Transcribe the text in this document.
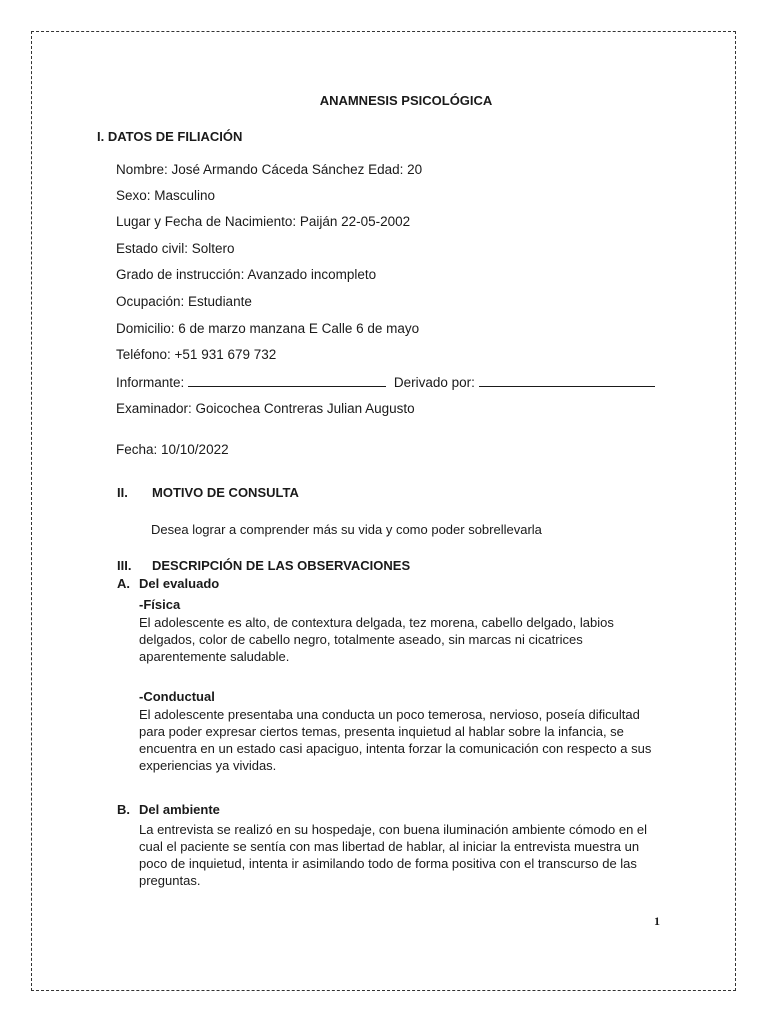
ANAMNESIS PSICOLÓGICA
I. DATOS DE FILIACIÓN
Nombre: José Armando Cáceda Sánchez Edad: 20
Sexo: Masculino
Lugar y Fecha de Nacimiento: Paiján 22-05-2002
Estado civil: Soltero
Grado de instrucción: Avanzado incompleto
Ocupación: Estudiante
Domicilio: 6 de marzo manzana E Calle 6 de mayo
Teléfono: +51 931 679 732
Informante:	Derivado por:
Examinador: Goicochea Contreras Julian Augusto
Fecha: 10/10/2022
II. MOTIVO DE CONSULTA
Desea lograr a comprender más su vida y como poder sobrellevarla
III. DESCRIPCIÓN DE LAS OBSERVACIONES
A. Del evaluado
-Física
El adolescente es alto, de contextura delgada, tez morena, cabello delgado, labios delgados, color de cabello negro, totalmente aseado, sin marcas ni cicatrices aparentemente saludable.
-Conductual
El adolescente presentaba una conducta un poco temerosa, nervioso, poseía dificultad para poder expresar ciertos temas, presenta inquietud al hablar sobre la infancia, se encuentra en un estado casi apaciguo, intenta forzar la comunicación con respecto a sus experiencias ya vividas.
B. Del ambiente
La entrevista se realizó en su hospedaje, con buena iluminación ambiente cómodo en el cual el paciente se sentía con mas libertad de hablar, al iniciar la entrevista muestra un poco de inquietud, intenta ir asimilando todo de forma positiva con el transcurso de las preguntas.
1
